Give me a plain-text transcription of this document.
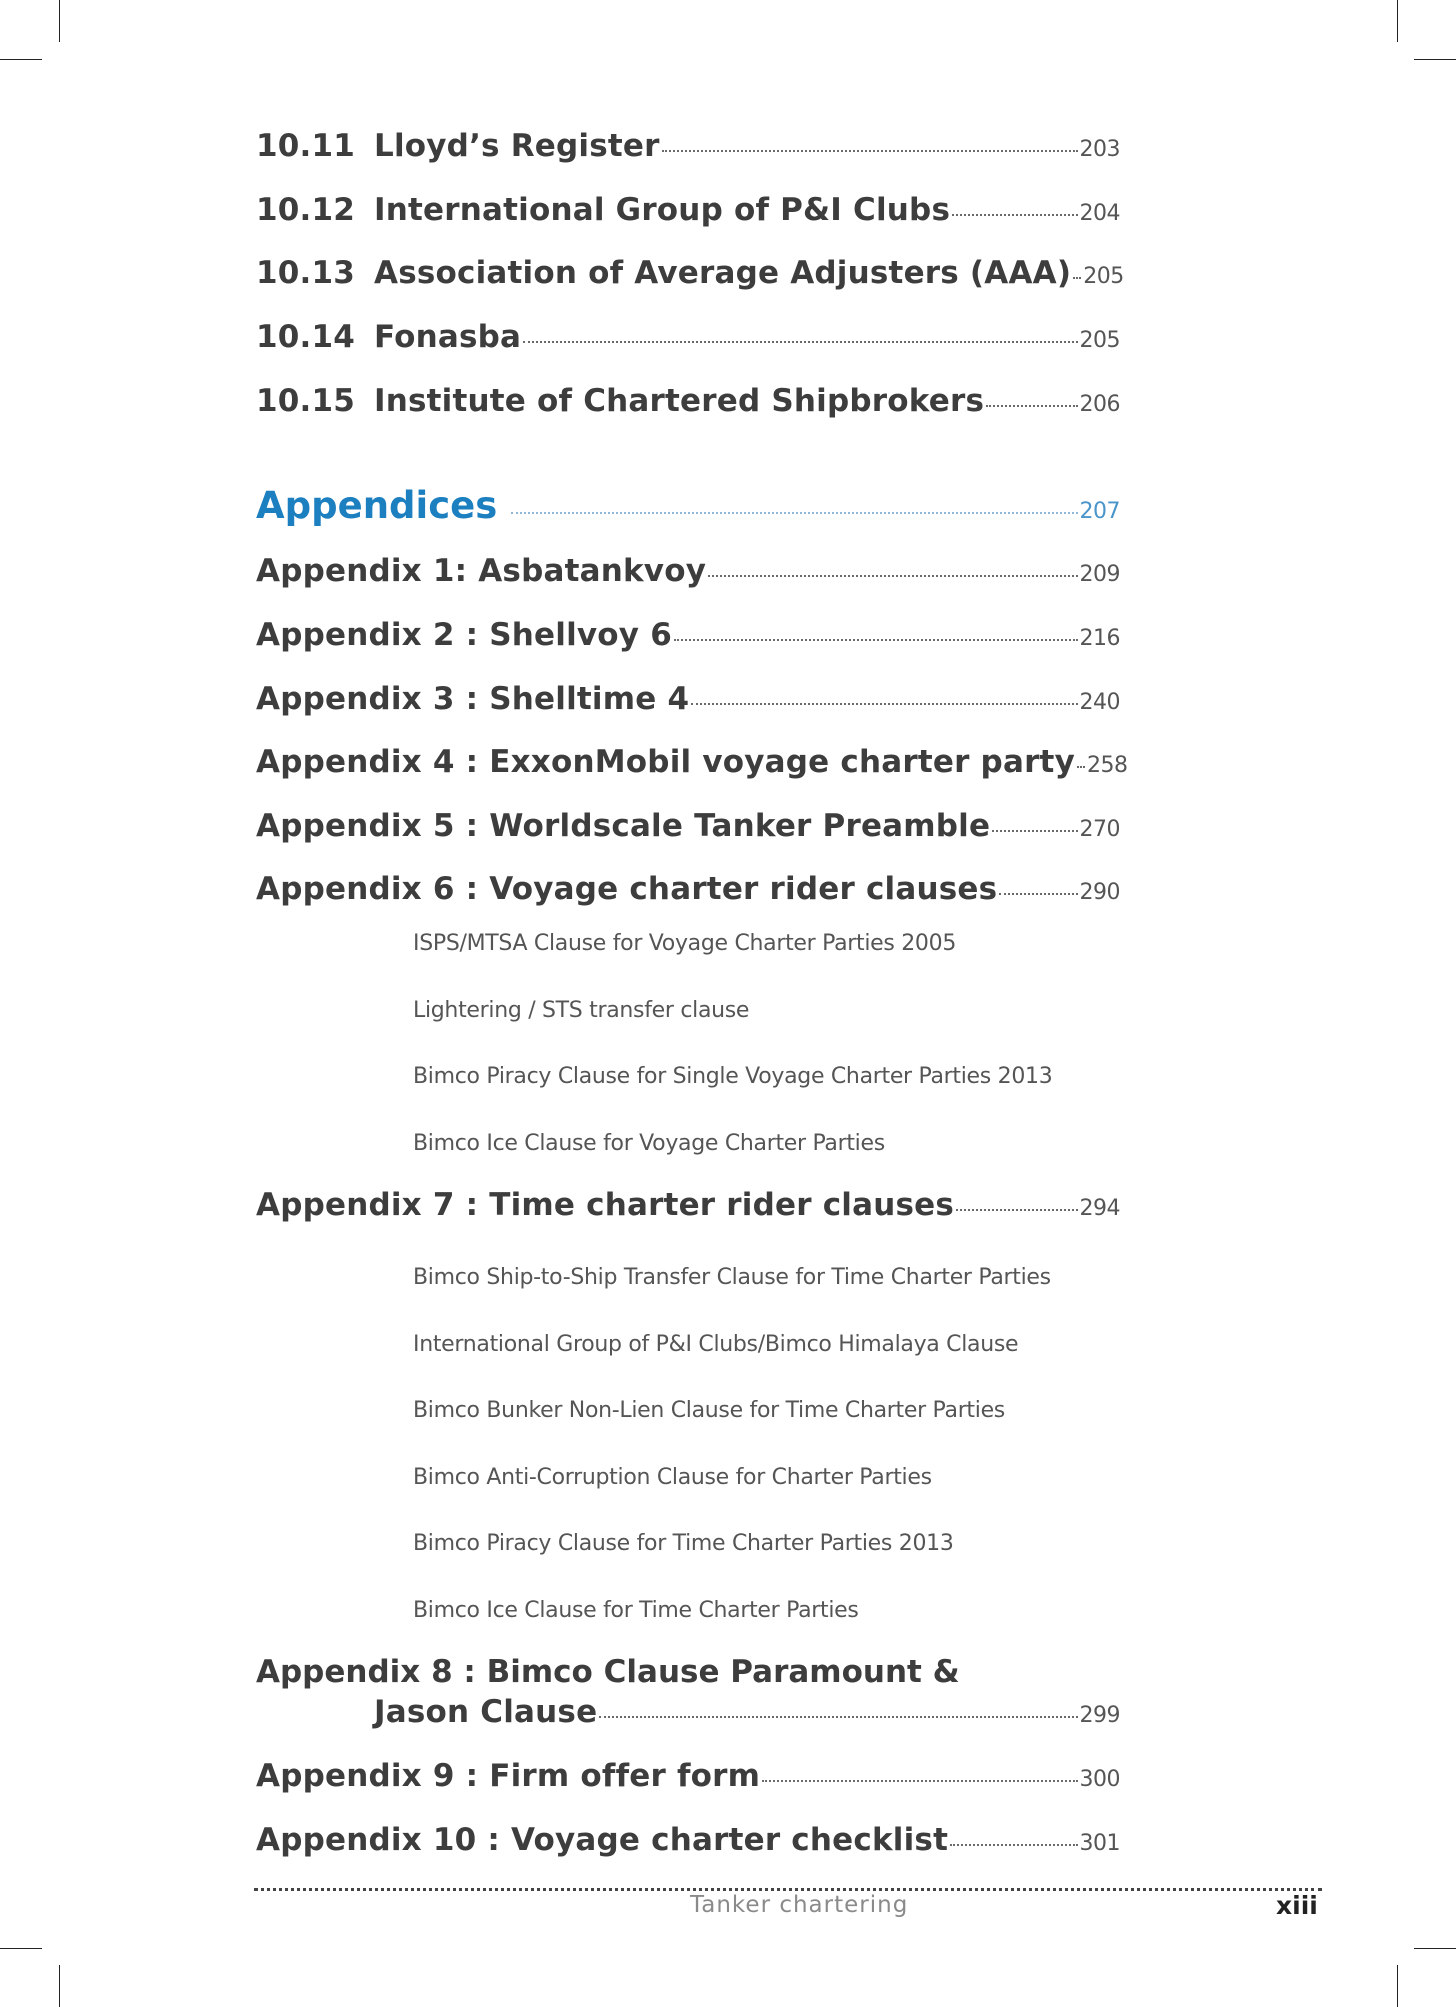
10.11 Lloyd’s Register	203
10.12 International Group of P&I Clubs	204
10.13 Association of Average Adjusters (AAA) 205
10.14 Fonasba	205
10.15 Institute of Chartered Shipbrokers	206
Appendices	207
Appendix 1: Asbatankvoy	209
Appendix 2 : Shellvoy 6	216
Appendix 3 : Shelltime 4	240
Appendix 4 : ExxonMobil voyage charter party 258
Appendix 5 : Worldscale Tanker Preamble	270
Appendix 6 : Voyage charter rider clauses	290
ISPS/MTSA Clause for Voyage Charter Parties 2005
Lightering / STS transfer clause
Bimco Piracy Clause for Single Voyage Charter Parties 2013
Bimco Ice Clause for Voyage Charter Parties
Appendix 7 : Time charter rider clauses	294
Bimco Ship-to-Ship Transfer Clause for Time Charter Parties
International Group of P&I Clubs/Bimco Himalaya Clause
Bimco Bunker Non-Lien Clause for Time Charter Parties
Bimco Anti-Corruption Clause for Charter Parties
Bimco Piracy Clause for Time Charter Parties 2013
Bimco Ice Clause for Time Charter Parties
Appendix 8 : Bimco Clause Paramount &
Jason Clause	299
Appendix 9 : Firm offer form	300
Appendix 10 : Voyage charter checklist	301
Tanker chartering	xiii
